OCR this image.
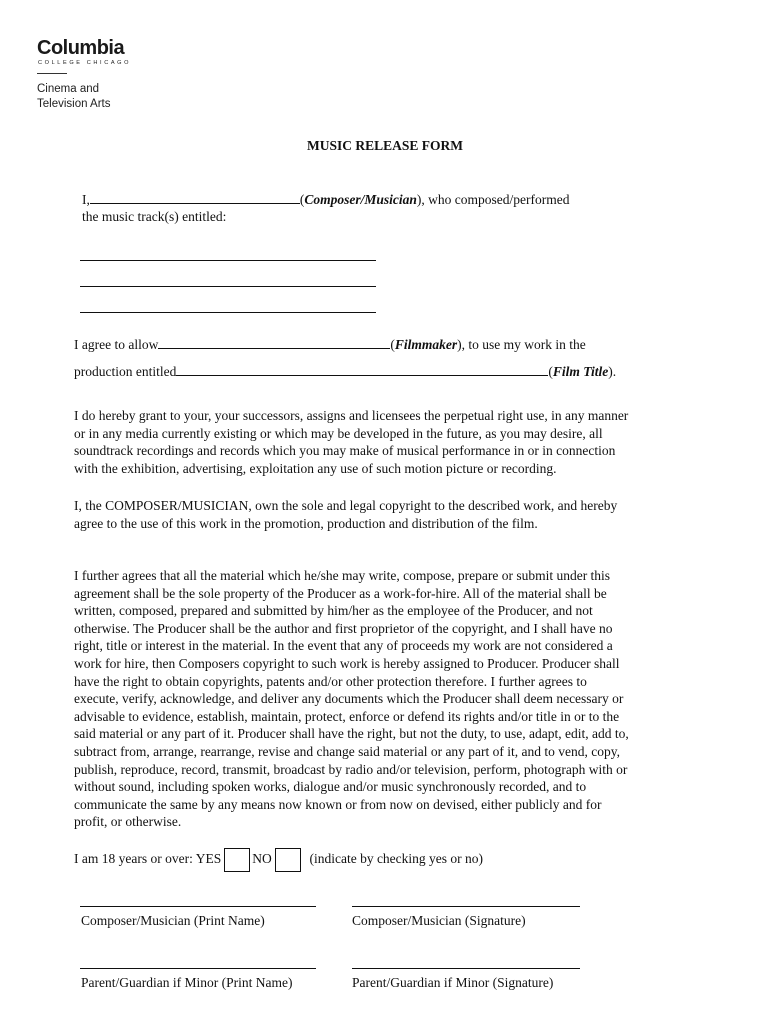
Columbia
COLLEGE CHICAGO
Cinema and
Television Arts
MUSIC RELEASE FORM
I,	(Composer/Musician), who composed/performed
the music track(s) entitled:
I agree to allow	(Filmmaker), to use my work in the
production entitled	(Film Title).
I do hereby grant to your, your successors, assigns and licensees the perpetual right use, in any manner
or in any media currently existing or which may be developed in the future, as you may desire, all
soundtrack recordings and records which you may make of musical performance in or in connection
with the exhibition, advertising, exploitation any use of such motion picture or recording.
I, the COMPOSER/MUSICIAN, own the sole and legal copyright to the described work, and hereby
agree to the use of this work in the promotion, production and distribution of the film.
I further agrees that all the material which he/she may write, compose, prepare or submit under this
agreement shall be the sole property of the Producer as a work-for-hire. All of the material shall be
written, composed, prepared and submitted by him/her as the employee of the Producer, and not
otherwise. The Producer shall be the author and first proprietor of the copyright, and I shall have no
right, title or interest in the material. In the event that any of proceeds my work are not considered a
work for hire, then Composers copyright to such work is hereby assigned to Producer. Producer shall
have the right to obtain copyrights, patents and/or other protection therefore. I further agrees to
execute, verify, acknowledge, and deliver any documents which the Producer shall deem necessary or
advisable to evidence, establish, maintain, protect, enforce or defend its rights and/or title in or to the
said material or any part of it. Producer shall have the right, but not the duty, to use, adapt, edit, add to,
subtract from, arrange, rearrange, revise and change said material or any part of it, and to vend, copy,
publish, reproduce, record, transmit, broadcast by radio and/or television, perform, photograph with or
without sound, including spoken works, dialogue and/or music synchronously recorded, and to
communicate the same by any means now known or from now on devised, either publicly and for
profit, or otherwise.
I am 18 years or over: YES NO	(indicate by checking yes or no)
Composer/Musician (Print Name)	Composer/Musician (Signature)
Parent/Guardian if Minor (Print Name)	Parent/Guardian if Minor (Signature)
